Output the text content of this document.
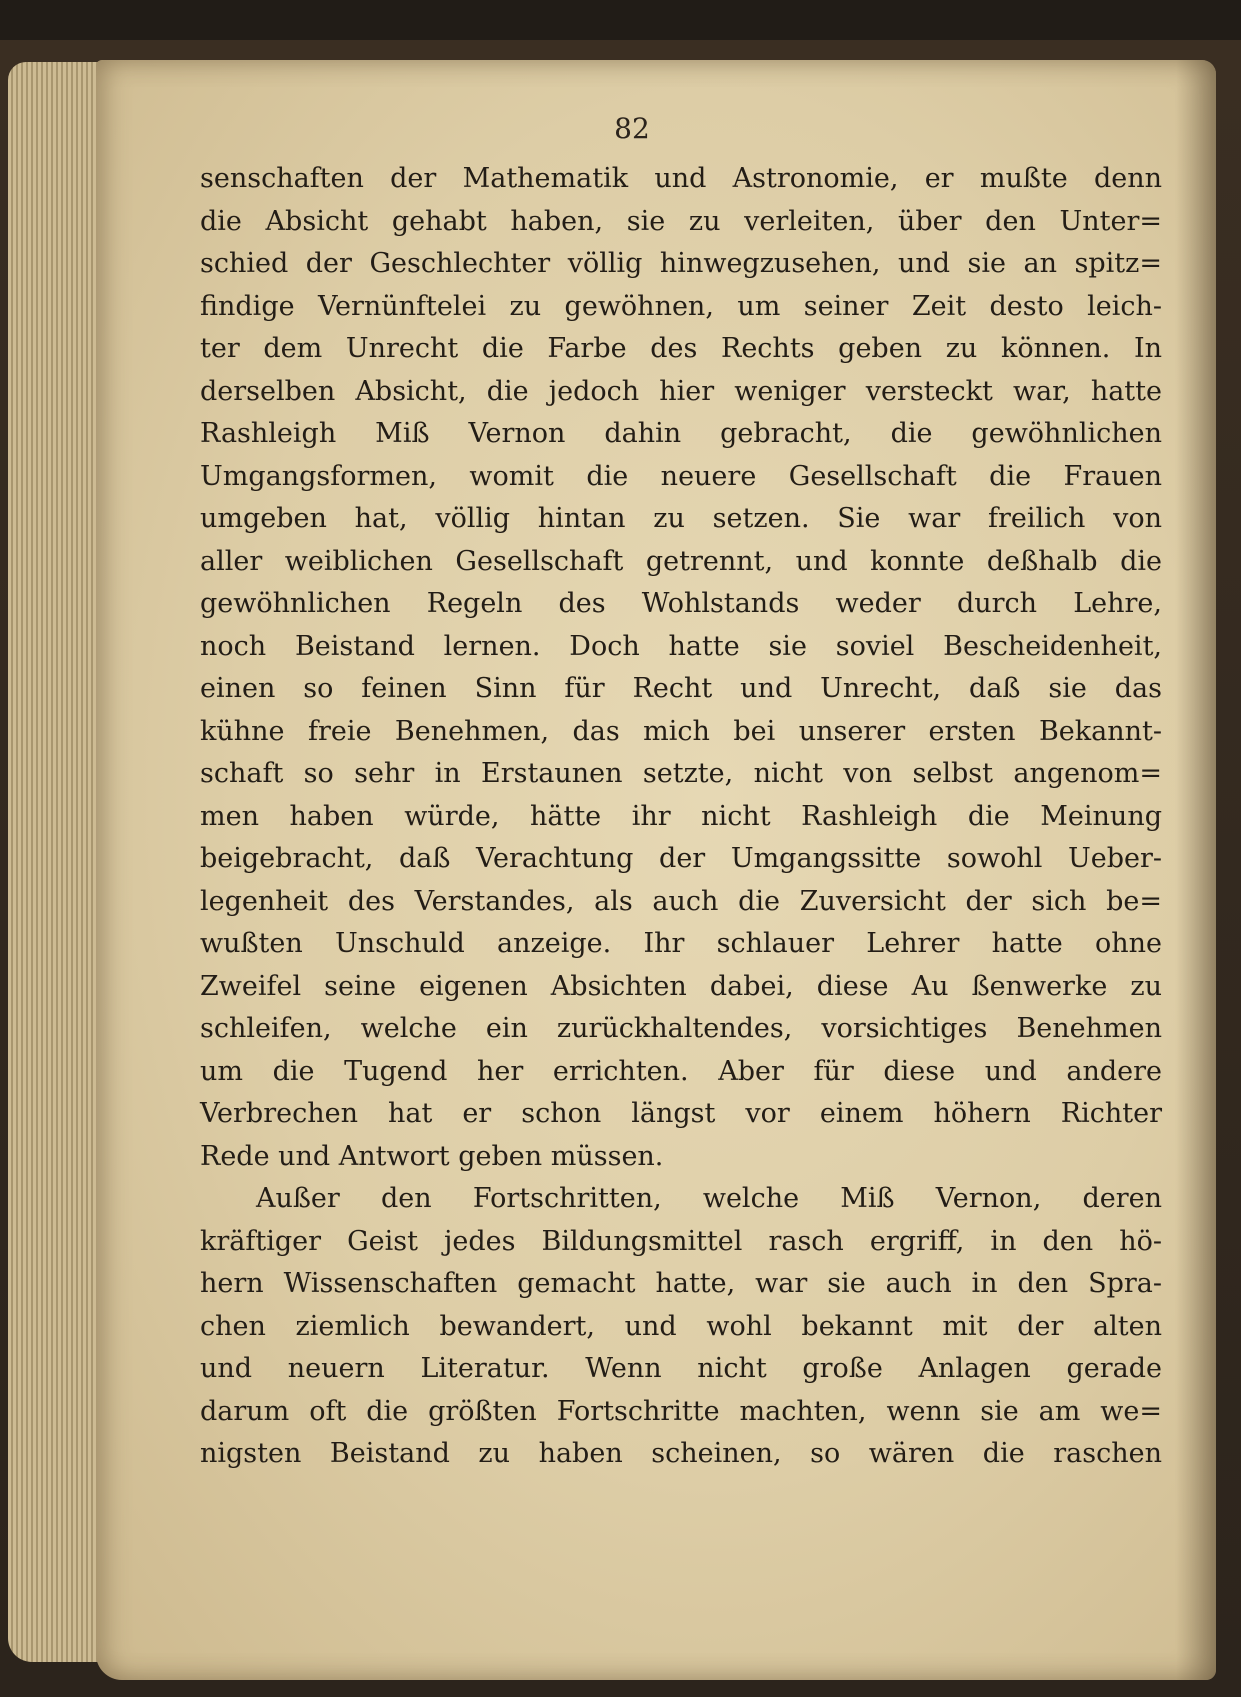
82
senschaften der Mathematik und Astronomie, er mußte denn
die Absicht gehabt haben, sie zu verleiten, über den Unter=
schied der Geschlechter völlig hinwegzusehen, und sie an spitz=
findige Vernünftelei zu gewöhnen, um seiner Zeit desto leich-
ter dem Unrecht die Farbe des Rechts geben zu können. In
derselben Absicht, die jedoch hier weniger versteckt war, hatte
Rashleigh Miß Vernon dahin gebracht, die gewöhnlichen
Umgangsformen, womit die neuere Gesellschaft die Frauen
umgeben hat, völlig hintan zu setzen. Sie war freilich von
aller weiblichen Gesellschaft getrennt, und konnte deßhalb die
gewöhnlichen Regeln des Wohlstands weder durch Lehre,
noch Beistand lernen. Doch hatte sie soviel Bescheidenheit,
einen so feinen Sinn für Recht und Unrecht, daß sie das
kühne freie Benehmen, das mich bei unserer ersten Bekannt-
schaft so sehr in Erstaunen setzte, nicht von selbst angenom=
men haben würde, hätte ihr nicht Rashleigh die Meinung
beigebracht, daß Verachtung der Umgangssitte sowohl Ueber-
legenheit des Verstandes, als auch die Zuversicht der sich be=
wußten Unschuld anzeige. Ihr schlauer Lehrer hatte ohne
Zweifel seine eigenen Absichten dabei, diese Au ßenwerke zu
schleifen, welche ein zurückhaltendes, vorsichtiges Benehmen
um die Tugend her errichten. Aber für diese und andere
Verbrechen hat er schon längst vor einem höhern Richter
Rede und Antwort geben müssen.
Außer den Fortschritten, welche Miß Vernon, deren
kräftiger Geist jedes Bildungsmittel rasch ergriff, in den hö-
hern Wissenschaften gemacht hatte, war sie auch in den Spra-
chen ziemlich bewandert, und wohl bekannt mit der alten
und neuern Literatur. Wenn nicht große Anlagen gerade
darum oft die größten Fortschritte machten, wenn sie am we=
nigsten Beistand zu haben scheinen, so wären die raschen
